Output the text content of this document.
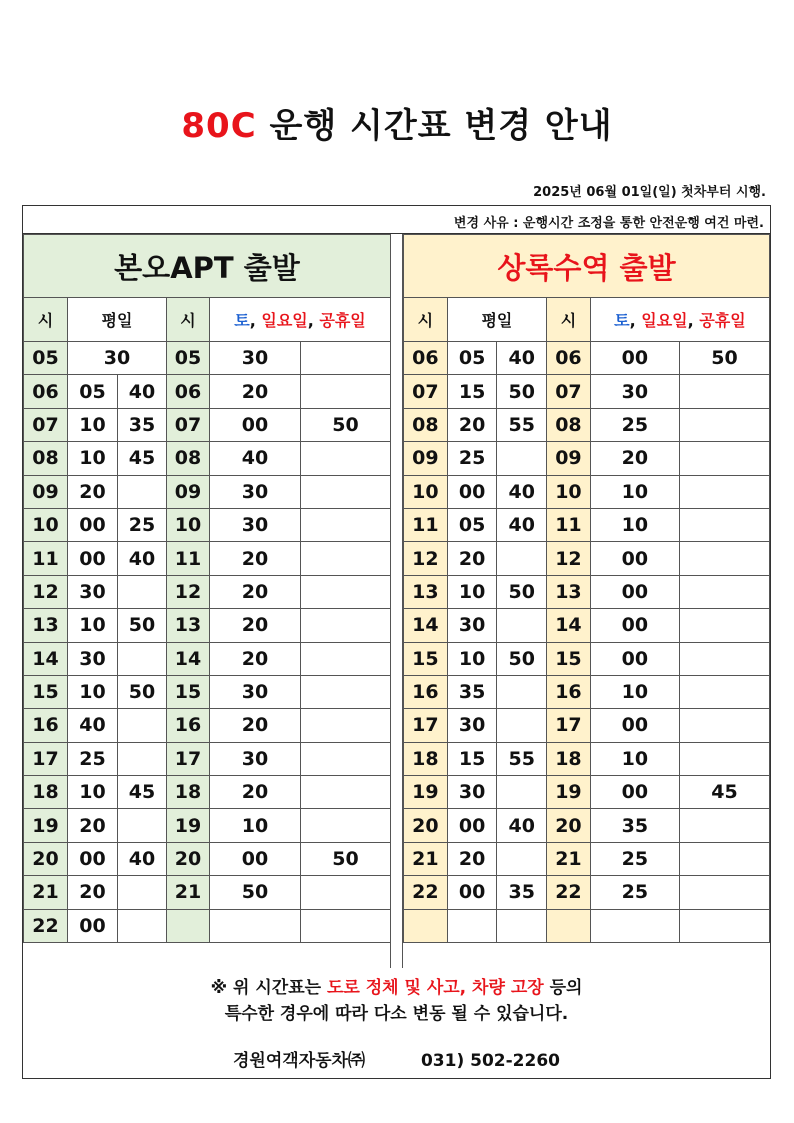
80C 운행 시간표 변경 안내
2025년 06월 01일(일) 첫차부터 시행.
변경 사유 : 운행시간 조정을 통한 안전운행 여건 마련.
본오APT 출발					
시	평일		시	토, 일요일, 공휴일	
05	30		05	30	
06	05	40	06	20	
07	10	35	07	00	50
08	10	45	08	40	
09	20		09	30	
10	00	25	10	30	
11	00	40	11	20	
12	30		12	20	
13	10	50	13	20	
14	30		14	20	
15	10	50	15	30	
16	40		16	20	
17	25		17	30	
18	10	45	18	20	
19	20		19	10	
20	00	40	20	00	50
21	20		21	50	
22	00				
상록수역 출발					
시	평일		시	토, 일요일, 공휴일	
06	05	40	06	00	50
07	15	50	07	30	
08	20	55	08	25	
09	25		09	20	
10	00	40	10	10	
11	05	40	11	10	
12	20		12	00	
13	10	50	13	00	
14	30		14	00	
15	10	50	15	00	
16	35		16	10	
17	30		17	00	
18	15	55	18	10	
19	30		19	00	45
20	00	40	20	35	
21	20		21	25	
22	00	35	22	25	

※ 위 시간표는 도로 정체 및 사고, 차량 고장 등의
특수한 경우에 따라 다소 변동 될 수 있습니다.
경원여객자동차㈜	031) 502-2260
